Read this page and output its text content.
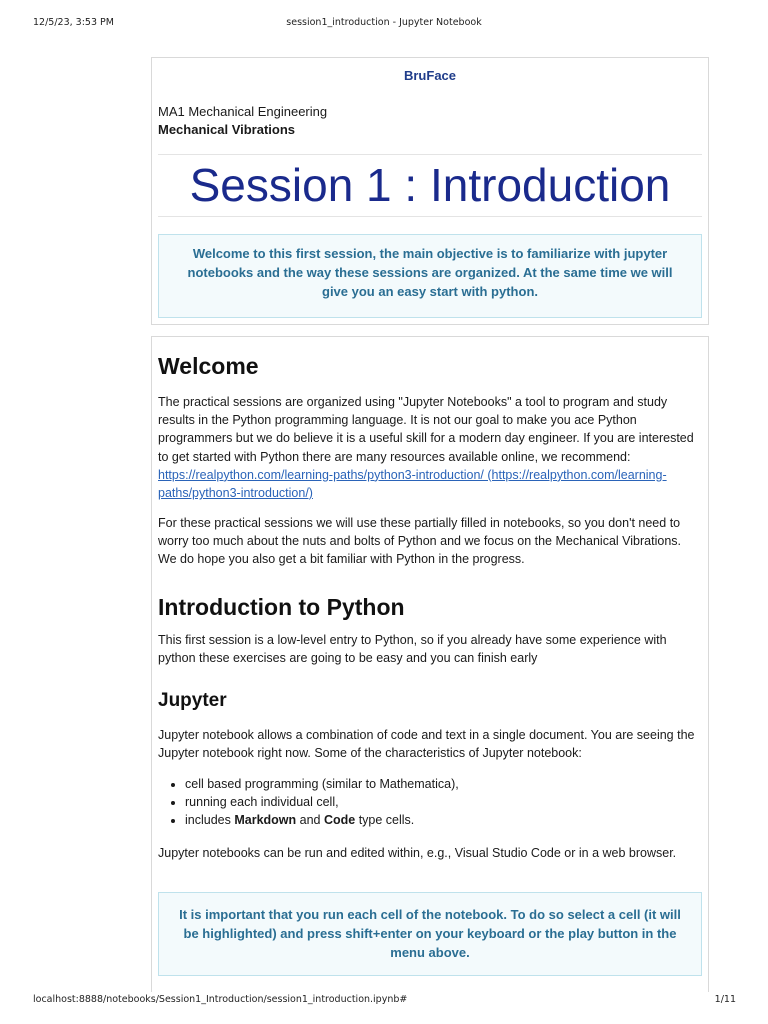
12/5/23, 3:53 PM	session1_introduction - Jupyter Notebook
BruFace
MA1 Mechanical Engineering
Mechanical Vibrations
Session 1 : Introduction
Welcome to this first session, the main objective is to familiarize with jupyter notebooks and the way these sessions are organized. At the same time we will give you an easy start with python.
Welcome

The practical sessions are organized using "Jupyter Notebooks" a tool to program and study results in the Python programming language. It is not our goal to make you ace Python programmers but we do believe it is a useful skill for a modern day engineer. If you are interested to get started with Python there are many resources available online, we recommend: https://realpython.com/learning-paths/python3-introduction/ (https://realpython.com/learning-paths/python3-introduction/)

For these practical sessions we will use these partially filled in notebooks, so you don't need to worry too much about the nuts and bolts of Python and we focus on the Mechanical Vibrations. We do hope you also get a bit familiar with Python in the progress.

Introduction to Python

This first session is a low-level entry to Python, so if you already have some experience with python these exercises are going to be easy and you can finish early

Jupyter

Jupyter notebook allows a combination of code and text in a single document. You are seeing the Jupyter notebook right now. Some of the characteristics of Jupyter notebook:

• cell based programming (similar to Mathematica),
• running each individual cell,
• includes Markdown and Code type cells.

Jupyter notebooks can be run and edited within, e.g., Visual Studio Code or in a web browser.

It is important that you run each cell of the notebook. To do so select a cell (it will be highlighted) and press shift+enter on your keyboard or the play button in the menu above.
localhost:8888/notebooks/Session1_Introduction/session1_introduction.ipynb#	1/11
